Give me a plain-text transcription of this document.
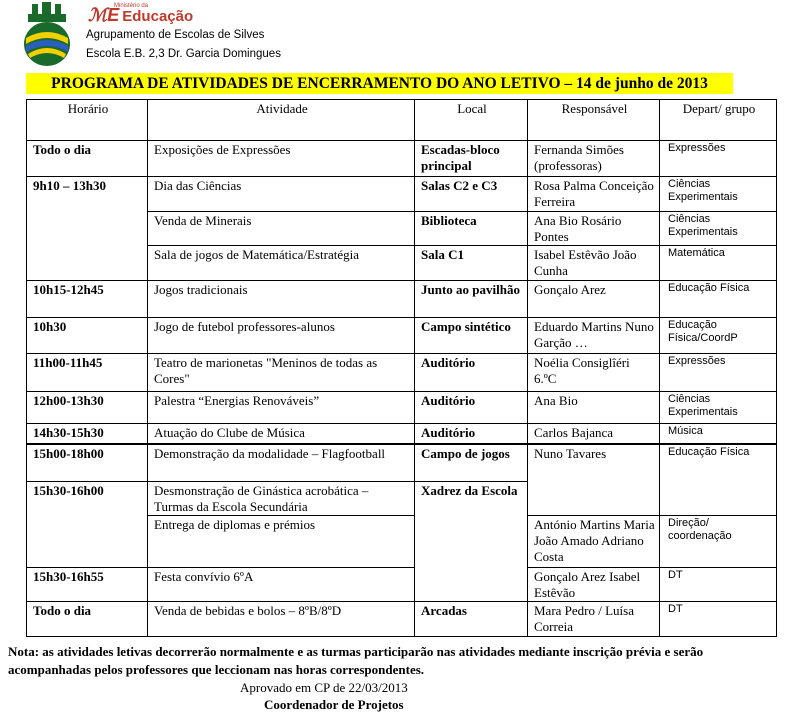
ℳE
Ministério da
Educação
Agrupamento de Escolas de Silves
Escola E.B. 2,3 Dr. Garcia Domingues
PROGRAMA DE ATIVIDADES DE ENCERRAMENTO DO ANO LETIVO – 14 de junho de 2013
Horário	Atividade	Local	Responsável	Depart/ grupo
Todo o dia	Exposições de Expressões	Escadas-bloco principal	Fernanda Simões (professoras)	Expressões
9h10 – 13h30	Dia das Ciências	Salas C2 e C3	Rosa Palma Conceição Ferreira	Ciências Experimentais
	Venda de Minerais	Biblioteca	Ana Bio Rosário Pontes	Ciências Experimentais
	Sala de jogos de Matemática/Estratégia	Sala C1	Isabel Estêvão João Cunha	Matemática
10h15-12h45	Jogos tradicionais	Junto ao pavilhão	Gonçalo Arez	Educação Física
10h30	Jogo de futebol professores-alunos	Campo sintético	Eduardo Martins Nuno Garção …	Educação Física/CoordP
11h00-11h45	Teatro de marionetas "Meninos de todas as Cores"	Auditório	Noélia Consiglîéri 6.ºC	Expressões
12h00-13h30	Palestra “Energias Renováveis”	Auditório	Ana Bio	Ciências Experimentais
14h30-15h30	Atuação do Clube de Música	Auditório	Carlos Bajanca	Música
15h00-18h00	Demonstração da modalidade – Flagfootball	Campo de jogos	Nuno Tavares	Educação Física
15h30-16h00	Desmonstração de Ginástica acrobática – Turmas da Escola Secundária	Xadrez da Escola		
	Entrega de diplomas e prémios		António Martins Maria João Amado Adriano Costa	Direção/ coordenação
15h30-16h55	Festa convívio 6ºA		Gonçalo Arez Isabel Estêvão	DT
Todo o dia	Venda de bebidas e bolos – 8ºB/8ºD	Arcadas	Mara Pedro / Luísa Correia	DT
Nota: as atividades letivas decorrerão normalmente e as turmas participarão nas atividades mediante inscrição prévia e serão acompanhadas pelos professores que leccionam nas horas correspondentes.
Aprovado em CP de 22/03/2013
Coordenador de Projetos
